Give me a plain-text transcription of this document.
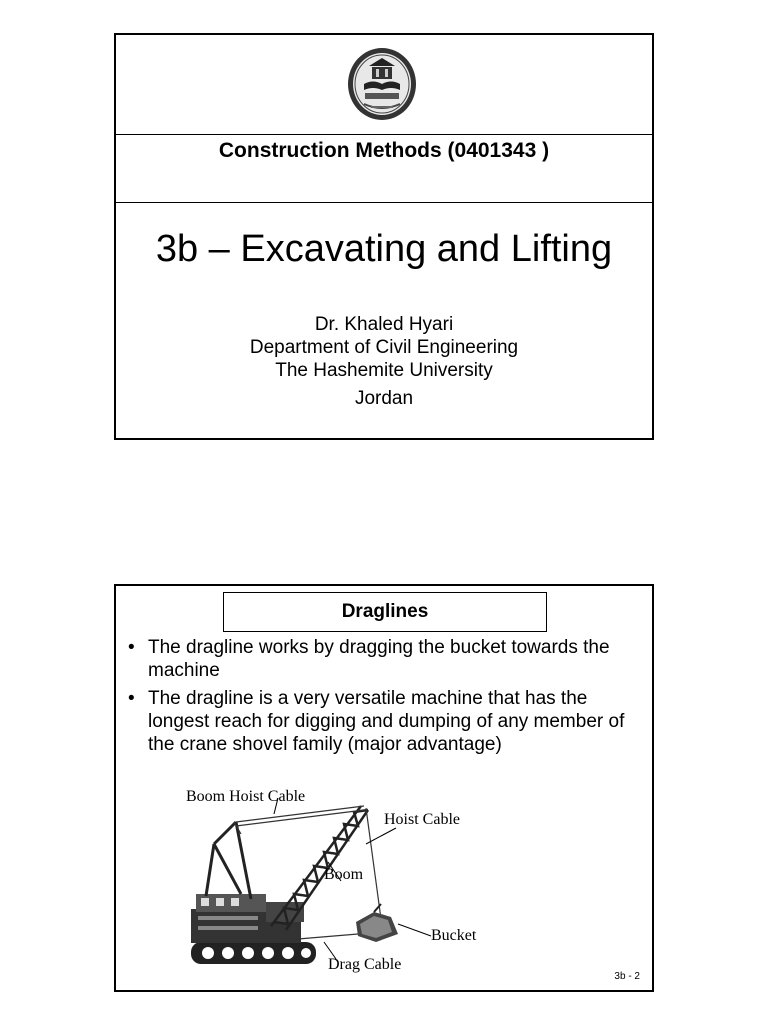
Construction Methods (0401343 )
3b – Excavating and Lifting
Dr. Khaled Hyari
Department of Civil Engineering
The Hashemite University
Jordan
Draglines
• The dragline works by dragging the bucket towards the machine
• The dragline is a very versatile machine that has the longest reach for digging and dumping of any member of the crane shovel family (major advantage)
Boom Hoist Cable
Hoist Cable
Boom
Bucket
Drag Cable
3b - 2
